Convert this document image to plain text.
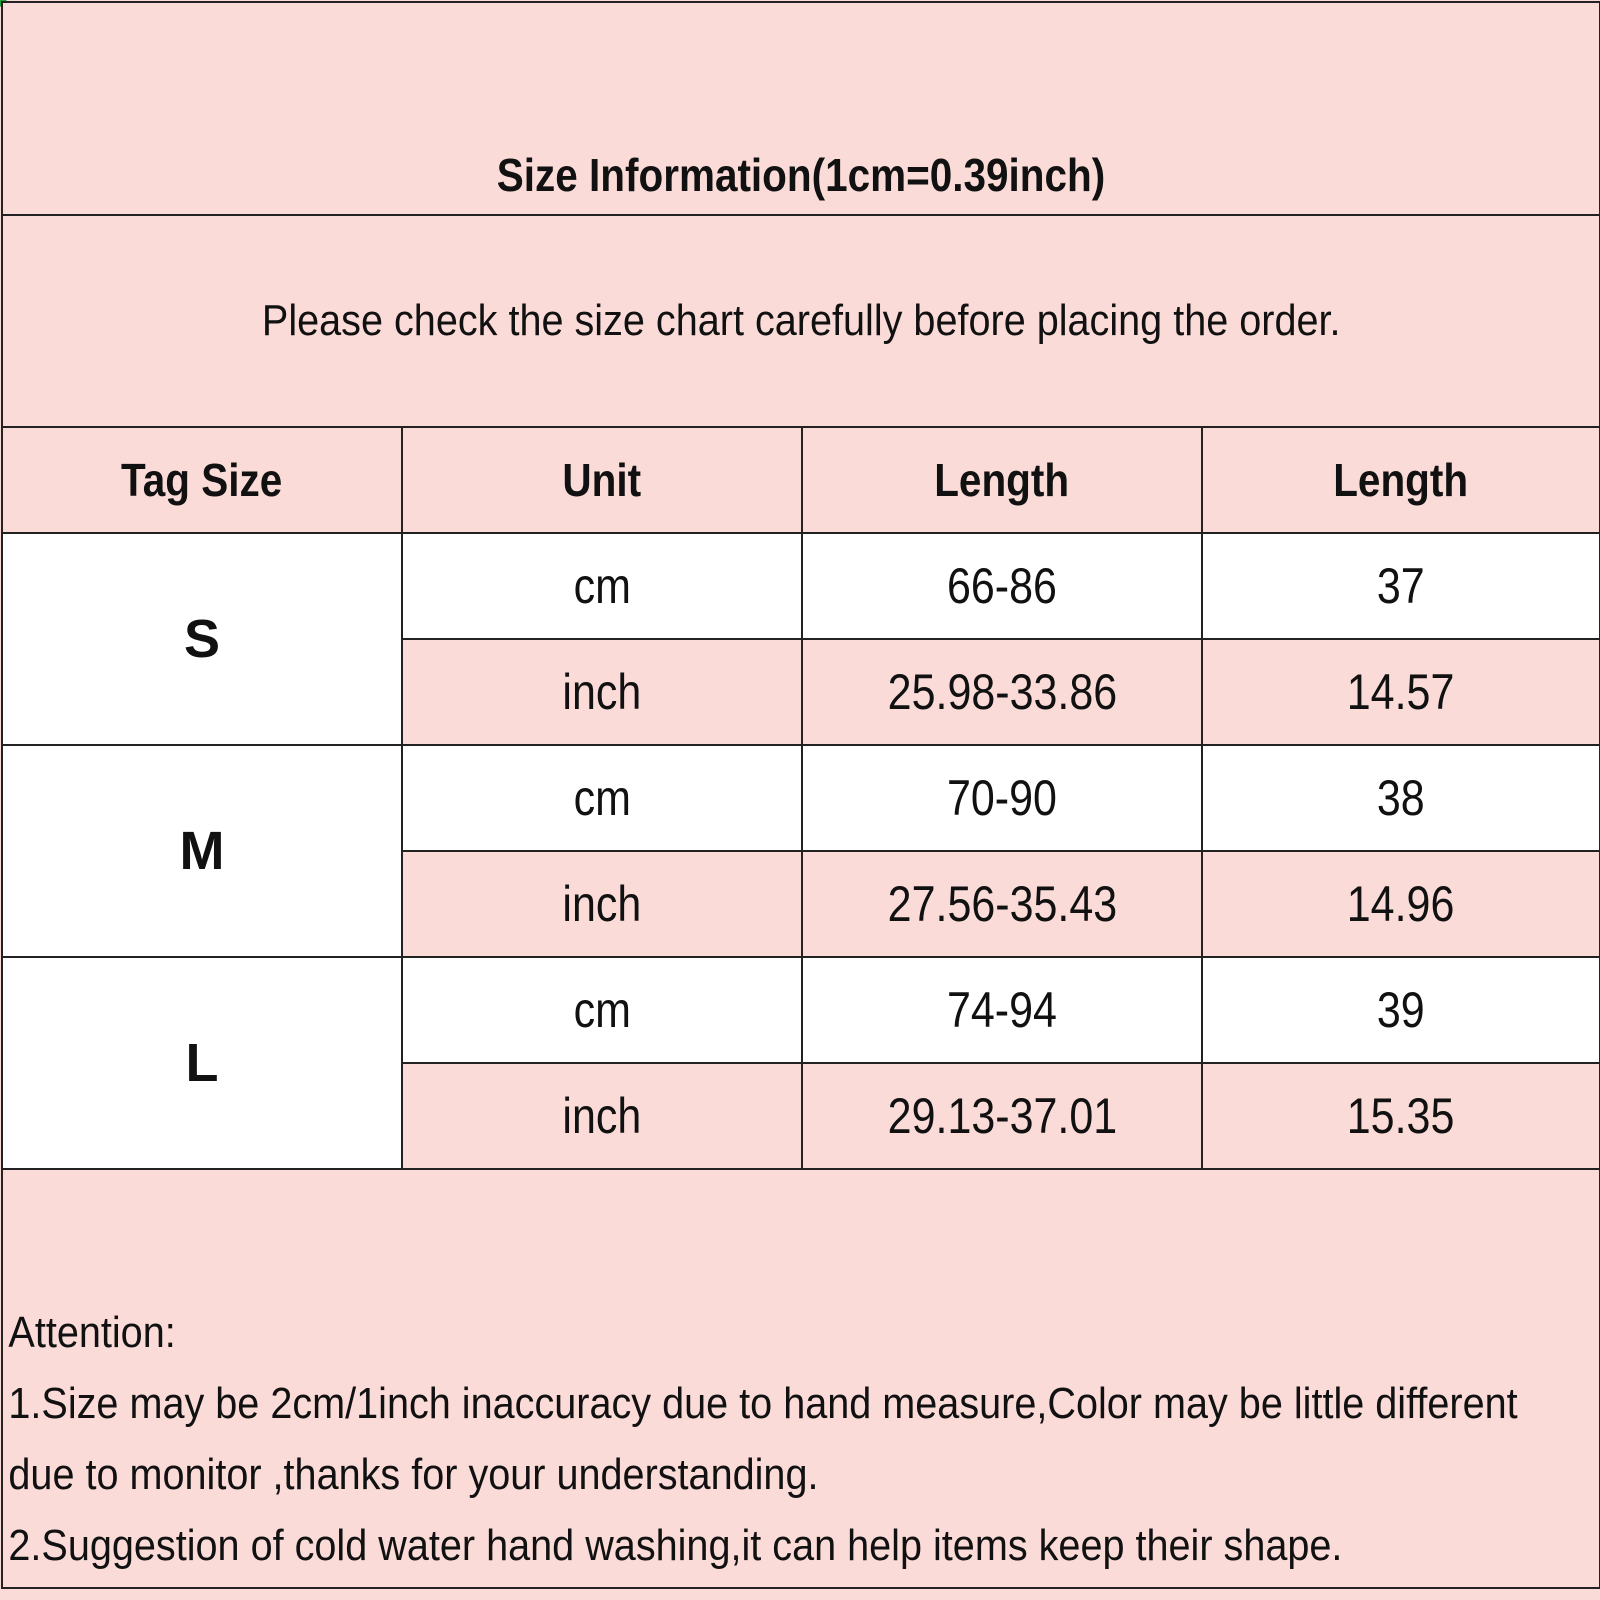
Size Information(1cm=0.39inch)			

Please check the size chart carefully before placing the order.			
Tag Size	Unit	Length	Length
S	cm	66-86	37
	inch	25.98-33.86	14.57
M	cm	70-90	38
	inch	27.56-35.43	14.96
L	cm	74-94	39
	inch	29.13-37.01	15.35

Attention:
1.Size may be 2cm/1inch inaccuracy due to hand measure,Color may be little different
due to monitor ,thanks for your understanding.
2.Suggestion of cold water hand washing,it can help items keep their shape.			
